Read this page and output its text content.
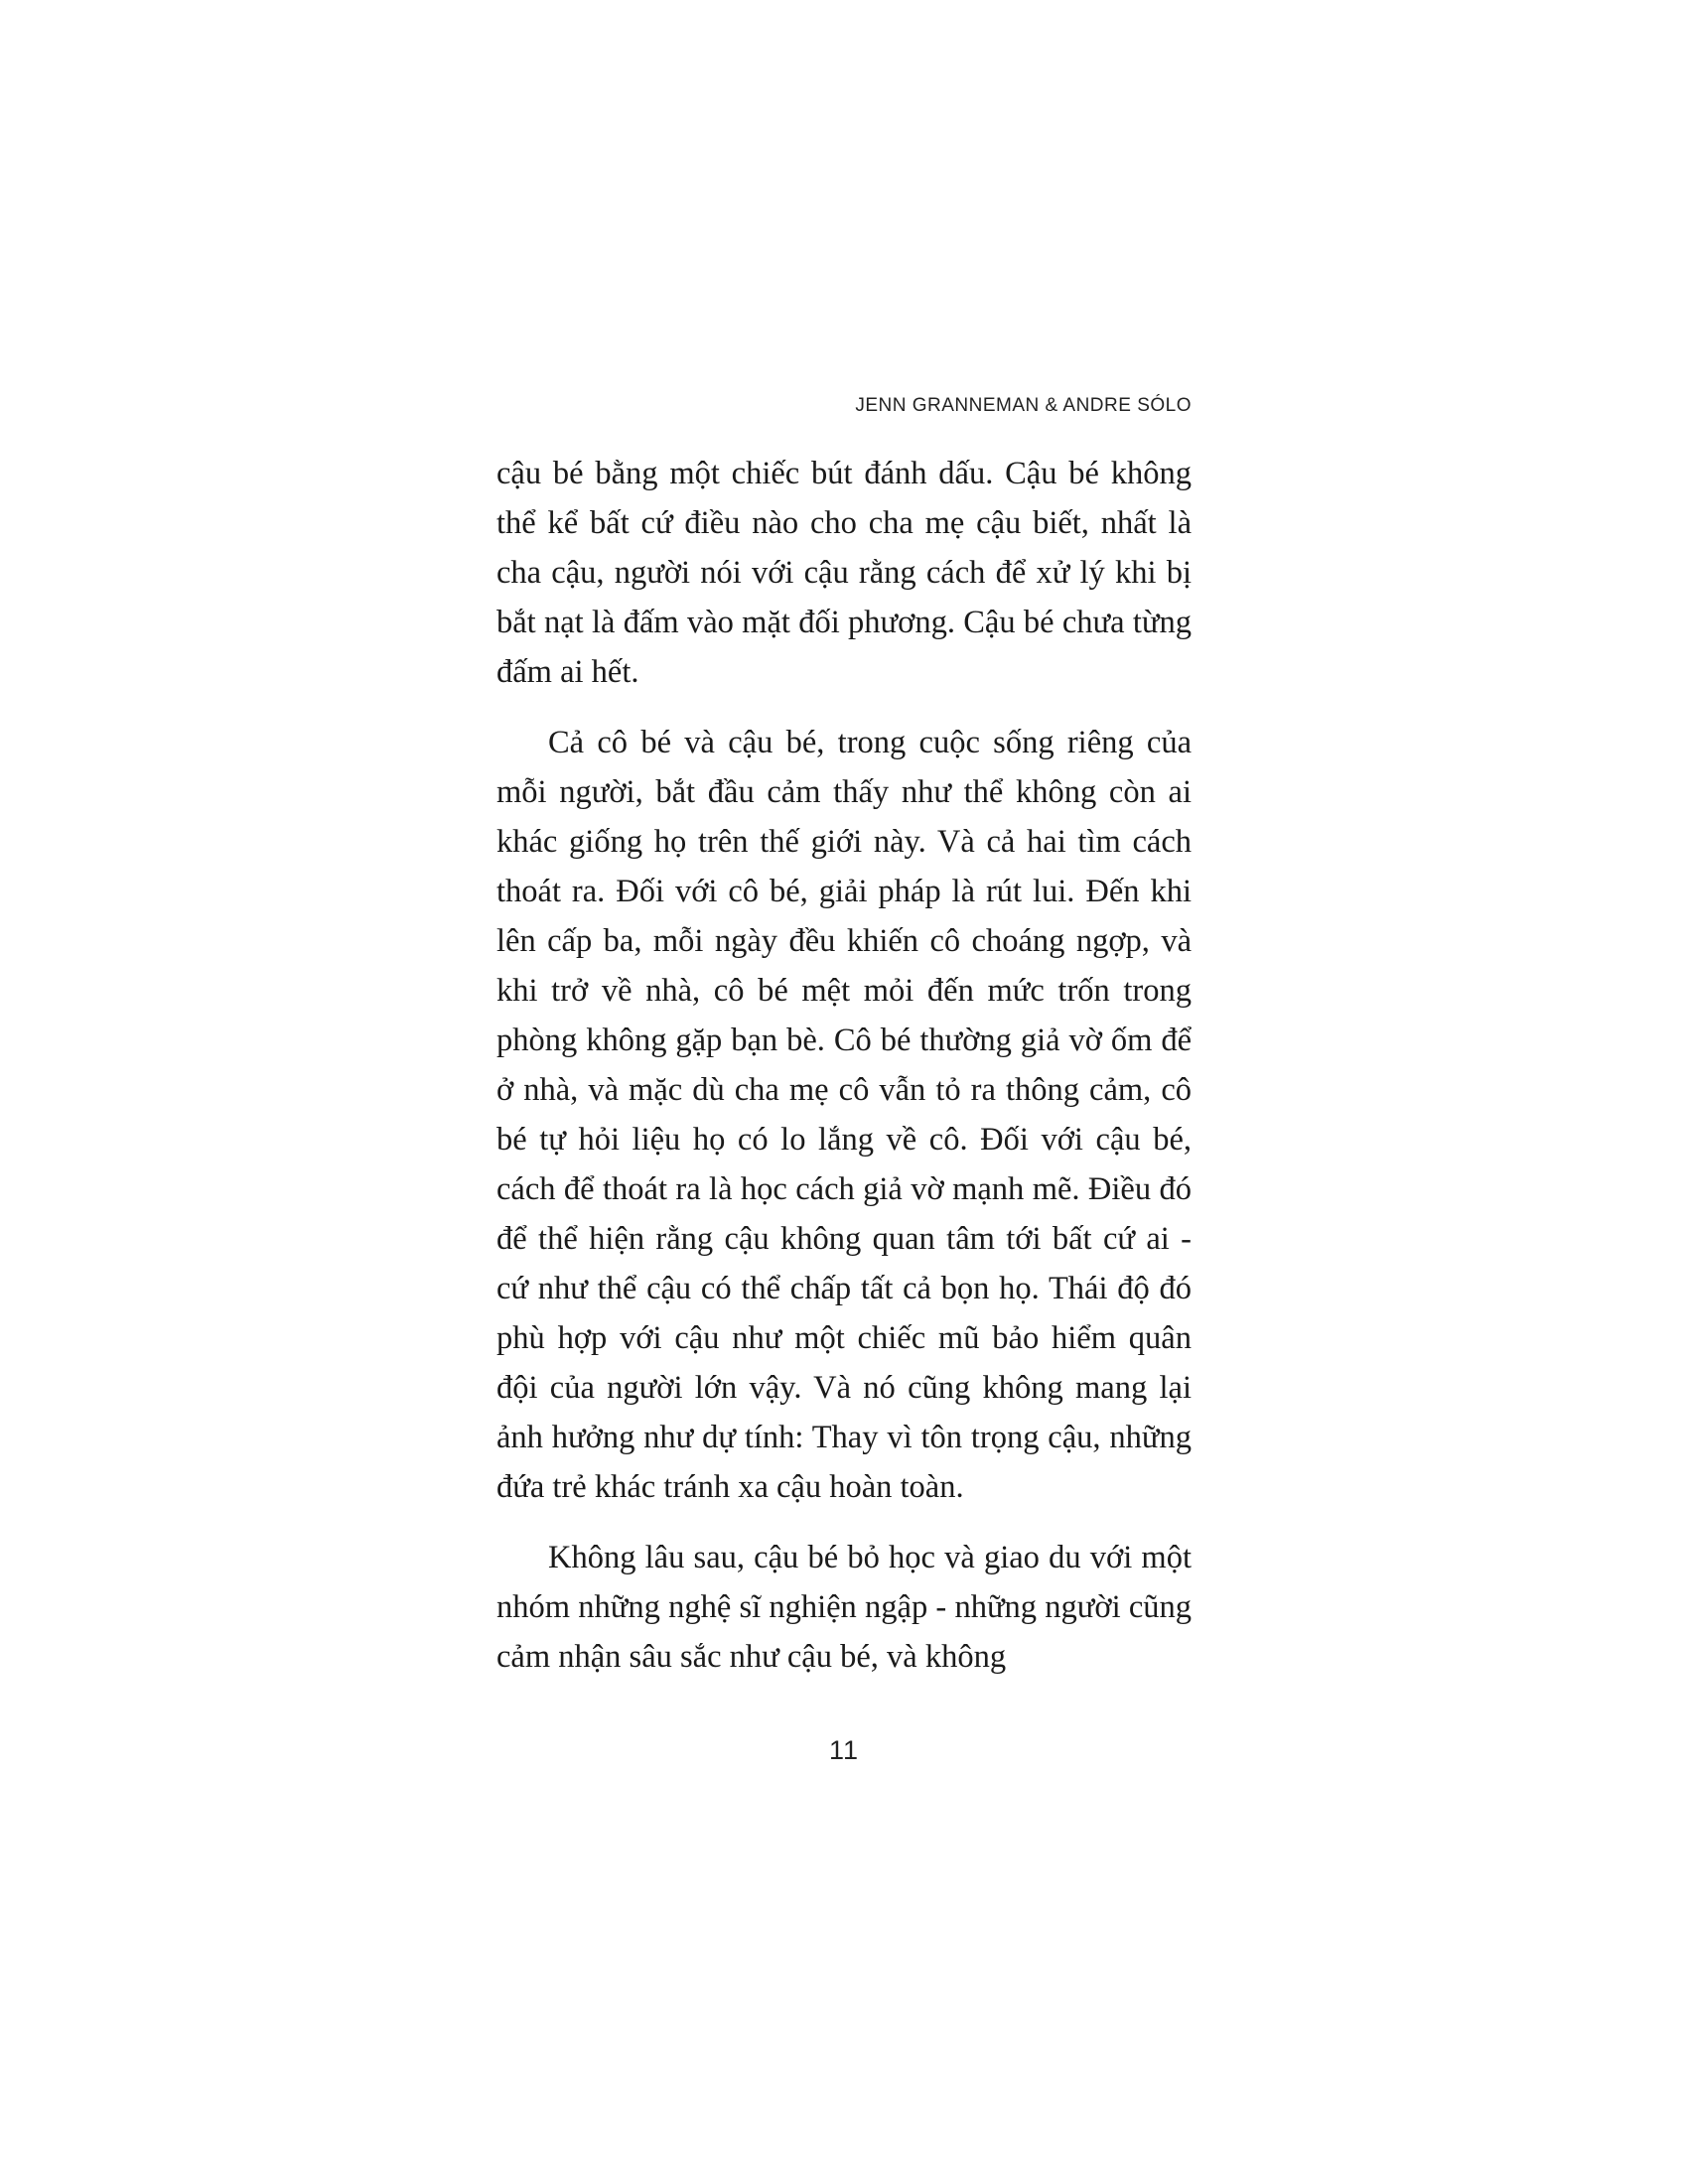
JENN GRANNEMAN & ANDRE SÓLO

cậu bé bằng một chiếc bút đánh dấu. Cậu bé không thể kể bất cứ điều nào cho cha mẹ cậu biết, nhất là cha cậu, người nói với cậu rằng cách để xử lý khi bị bắt nạt là đấm vào mặt đối phương. Cậu bé chưa từng đấm ai hết.

Cả cô bé và cậu bé, trong cuộc sống riêng của mỗi người, bắt đầu cảm thấy như thể không còn ai khác giống họ trên thế giới này. Và cả hai tìm cách thoát ra. Đối với cô bé, giải pháp là rút lui. Đến khi lên cấp ba, mỗi ngày đều khiến cô choáng ngợp, và khi trở về nhà, cô bé mệt mỏi đến mức trốn trong phòng không gặp bạn bè. Cô bé thường giả vờ ốm để ở nhà, và mặc dù cha mẹ cô vẫn tỏ ra thông cảm, cô bé tự hỏi liệu họ có lo lắng về cô. Đối với cậu bé, cách để thoát ra là học cách giả vờ mạnh mẽ. Điều đó để thể hiện rằng cậu không quan tâm tới bất cứ ai - cứ như thể cậu có thể chấp tất cả bọn họ. Thái độ đó phù hợp với cậu như một chiếc mũ bảo hiểm quân đội của người lớn vậy. Và nó cũng không mang lại ảnh hưởng như dự tính: Thay vì tôn trọng cậu, những đứa trẻ khác tránh xa cậu hoàn toàn.

Không lâu sau, cậu bé bỏ học và giao du với một nhóm những nghệ sĩ nghiện ngập - những người cũng cảm nhận sâu sắc như cậu bé, và không

11
